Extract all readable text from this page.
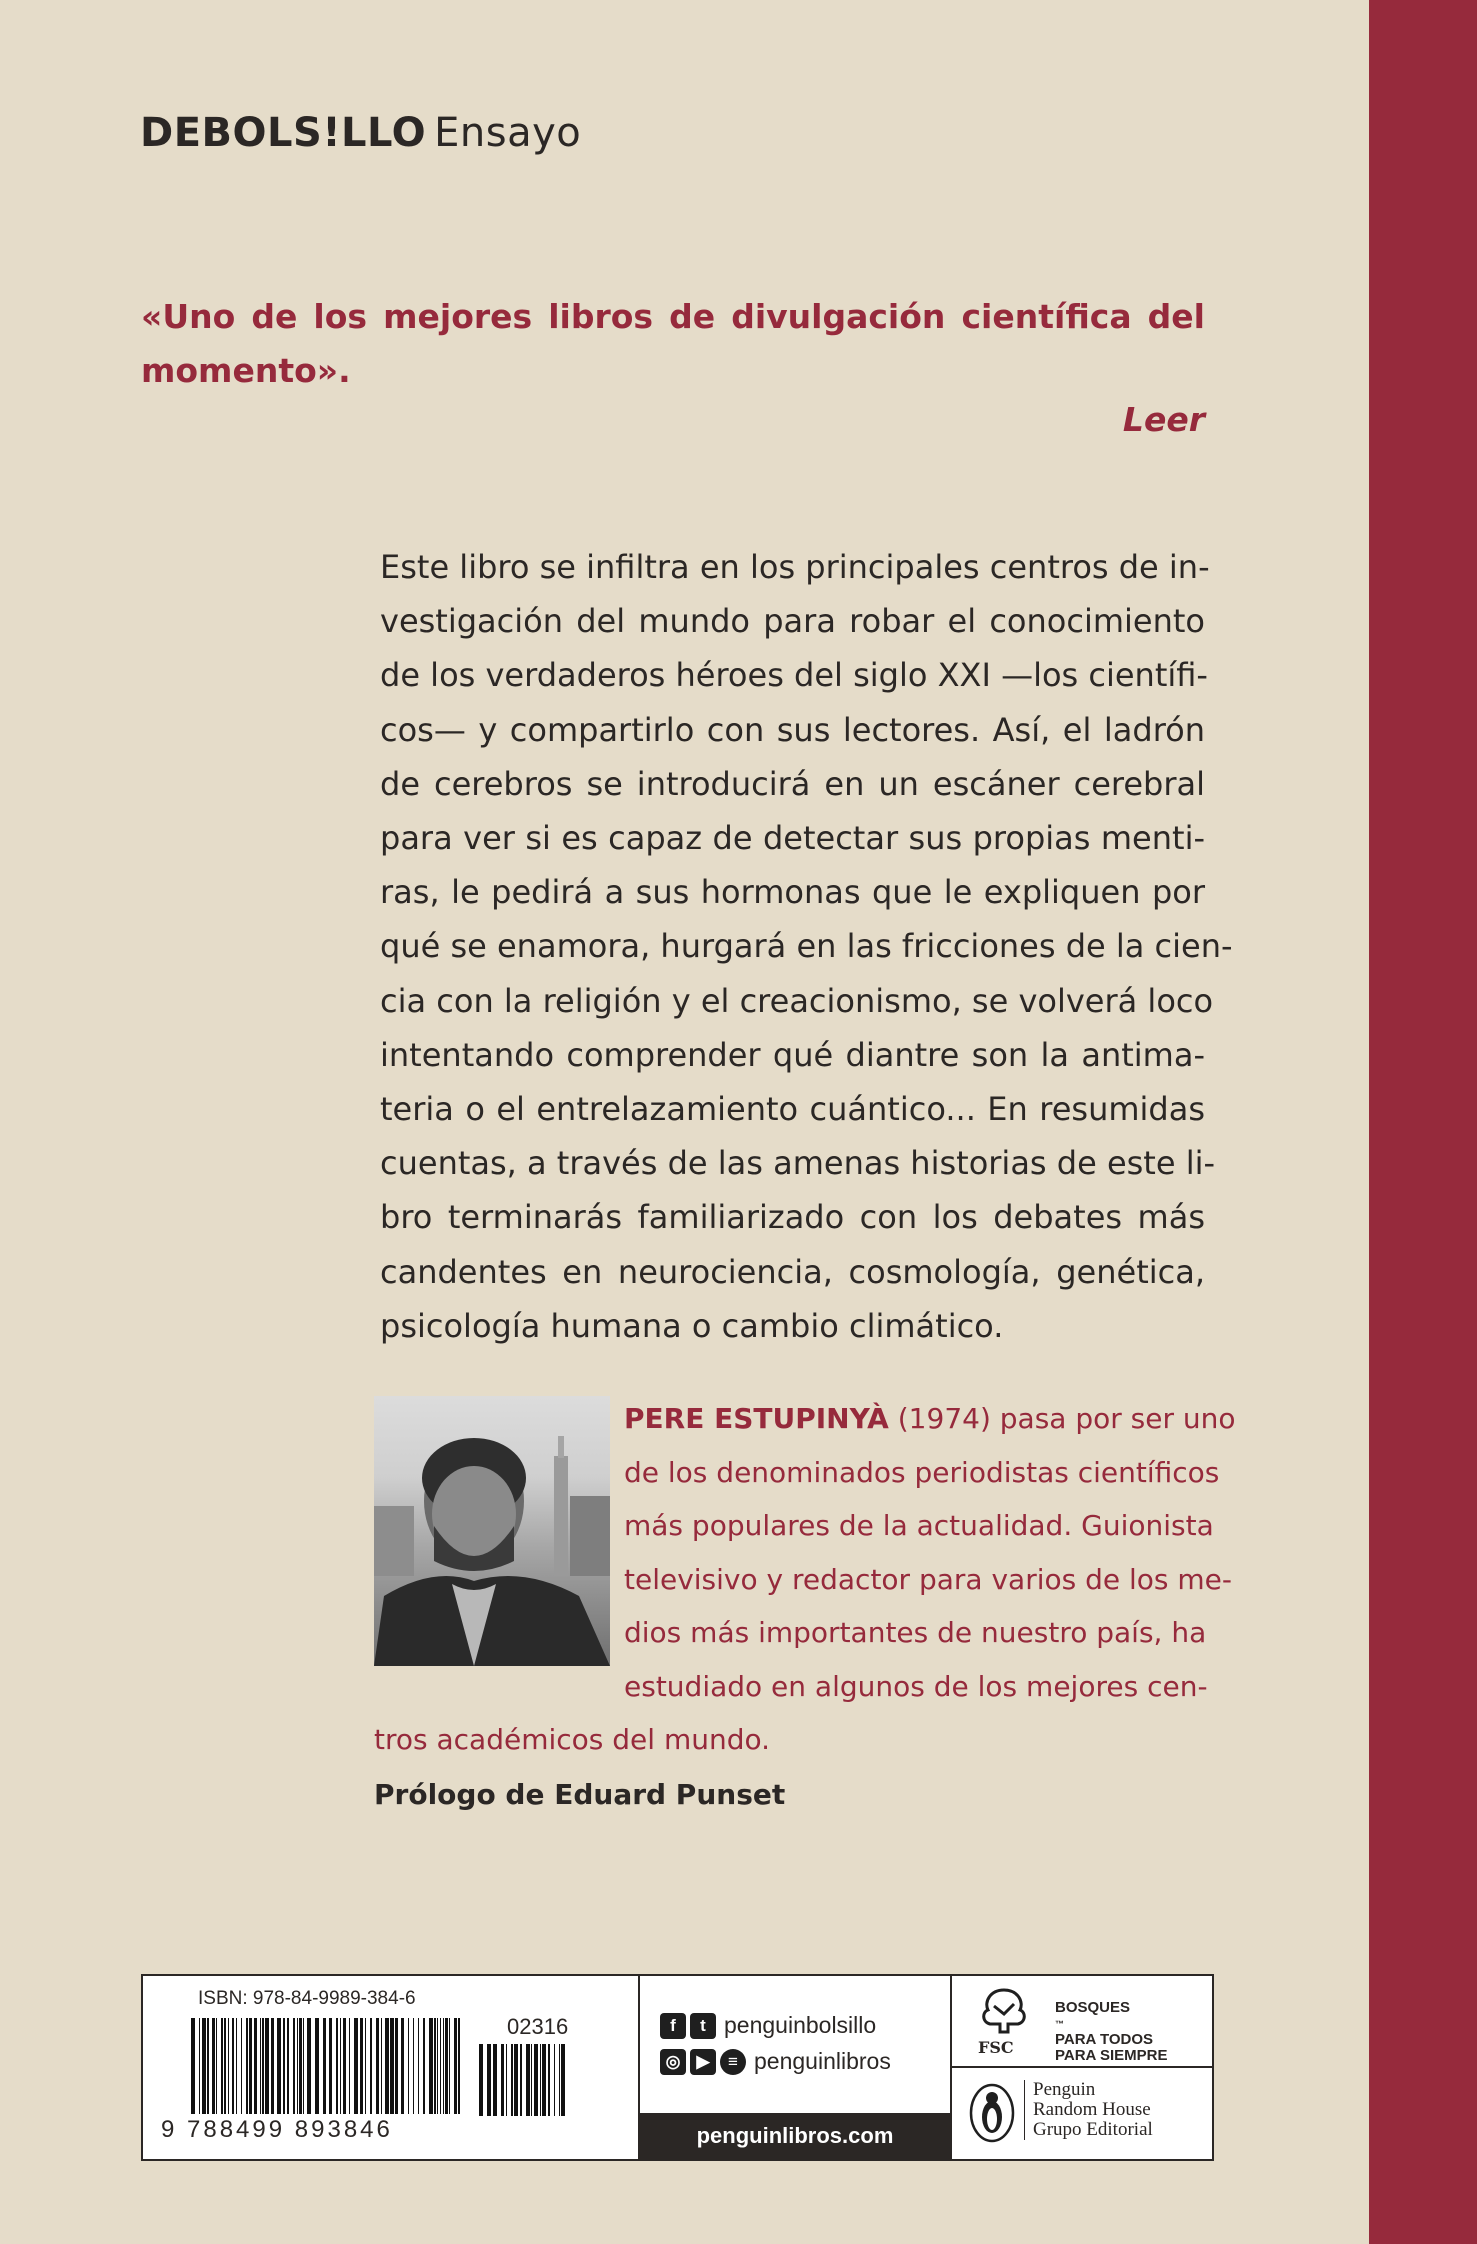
DEBOLS!LLO Ensayo
«Uno de los mejores libros de divulgación científica del momento».
Leer
Este libro se infiltra en los principales centros de in-
vestigación del mundo para robar el conocimiento
de los verdaderos héroes del siglo XXI —los científi-
cos— y compartirlo con sus lectores. Así, el ladrón
de cerebros se introducirá en un escáner cerebral
para ver si es capaz de detectar sus propias menti-
ras, le pedirá a sus hormonas que le expliquen por
qué se enamora, hurgará en las fricciones de la cien-
cia con la religión y el creacionismo, se volverá loco
intentando comprender qué diantre son la antima-
teria o el entrelazamiento cuántico... En resumidas
cuentas, a través de las amenas historias de este li-
bro terminarás familiarizado con los debates más
candentes en neurociencia, cosmología, genética,
psicología humana o cambio climático.
PERE ESTUPINYÀ (1974) pasa por ser uno
de los denominados periodistas científicos
más populares de la actualidad. Guionista
televisivo y redactor para varios de los me-
dios más importantes de nuestro país, ha
estudiado en algunos de los mejores cen-
tros académicos del mundo.
Prólogo de Eduard Punset
ISBN: 978-84-9989-384-6
02316
9 788499 893846
f	t penguinbolsillo
◎ ▶	≡ penguinlibros
penguinlibros.com
FSC
BOSQUES
™
PARA TODOS
PARA SIEMPRE
Penguin
Random House
Grupo Editorial
